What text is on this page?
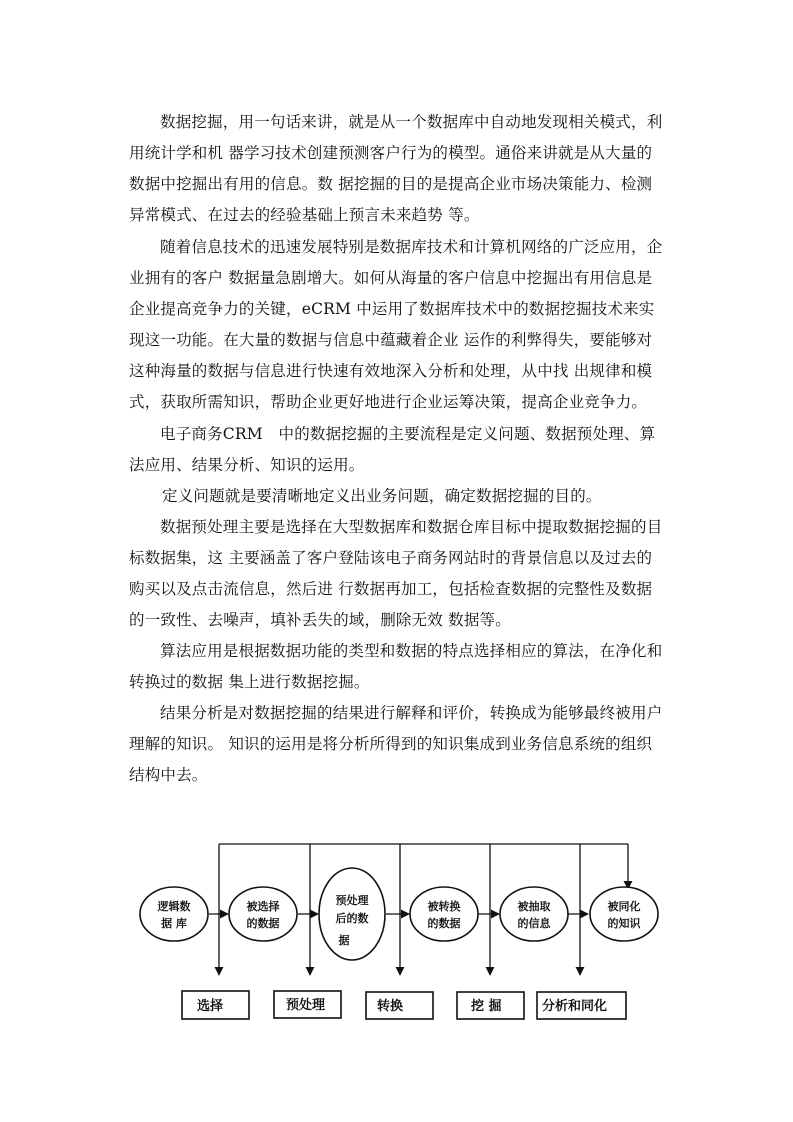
数据挖掘，用一句话来讲，就是从一个数据库中自动地发现相关模式，利用统计学和机 器学习技术创建预测客户行为的模型。通俗来讲就是从大量的数据中挖掘出有用的信息。数 据挖掘的目的是提高企业市场决策能力、检测异常模式、在过去的经验基础上预言未来趋势 等。

随着信息技术的迅速发展特别是数据库技术和计算机网络的广泛应用，企业拥有的客户 数据量急剧增大。如何从海量的客户信息中挖掘出有用信息是企业提高竞争力的关键，eCRM 中运用了数据库技术中的数据挖掘技术来实现这一功能。在大量的数据与信息中蕴藏着企业 运作的利弊得失，要能够对这种海量的数据与信息进行快速有效地深入分析和处理，从中找 出规律和模式，获取所需知识，帮助企业更好地进行企业运筹决策，提高企业竞争力。

电子商务CRM　中的数据挖掘的主要流程是定义问题、数据预处理、算法应用、结果分析、知识的运用。

定义问题就是要清晰地定义出业务问题，确定数据挖掘的目的。

数据预处理主要是选择在大型数据库和数据仓库目标中提取数据挖掘的目标数据集，这 主要涵盖了客户登陆该电子商务网站时的背景信息以及过去的购买以及点击流信息，然后进 行数据再加工，包括检查数据的完整性及数据的一致性、去噪声，填补丢失的域，删除无效 数据等。

算法应用是根据数据功能的类型和数据的特点选择相应的算法，在净化和转换过的数据 集上进行数据挖掘。

结果分析是对数据挖掘的结果进行解释和评价，转换成为能够最终被用户理解的知识。 知识的运用是将分析所得到的知识集成到业务信息系统的组织结构中去。

逻辑数
据 库
被选择
的数据
预处理
后的数
据
被转换
的数据
被抽取
的信息
被同化
的知识
选择	预处理	转换	挖 掘	分析和同化
